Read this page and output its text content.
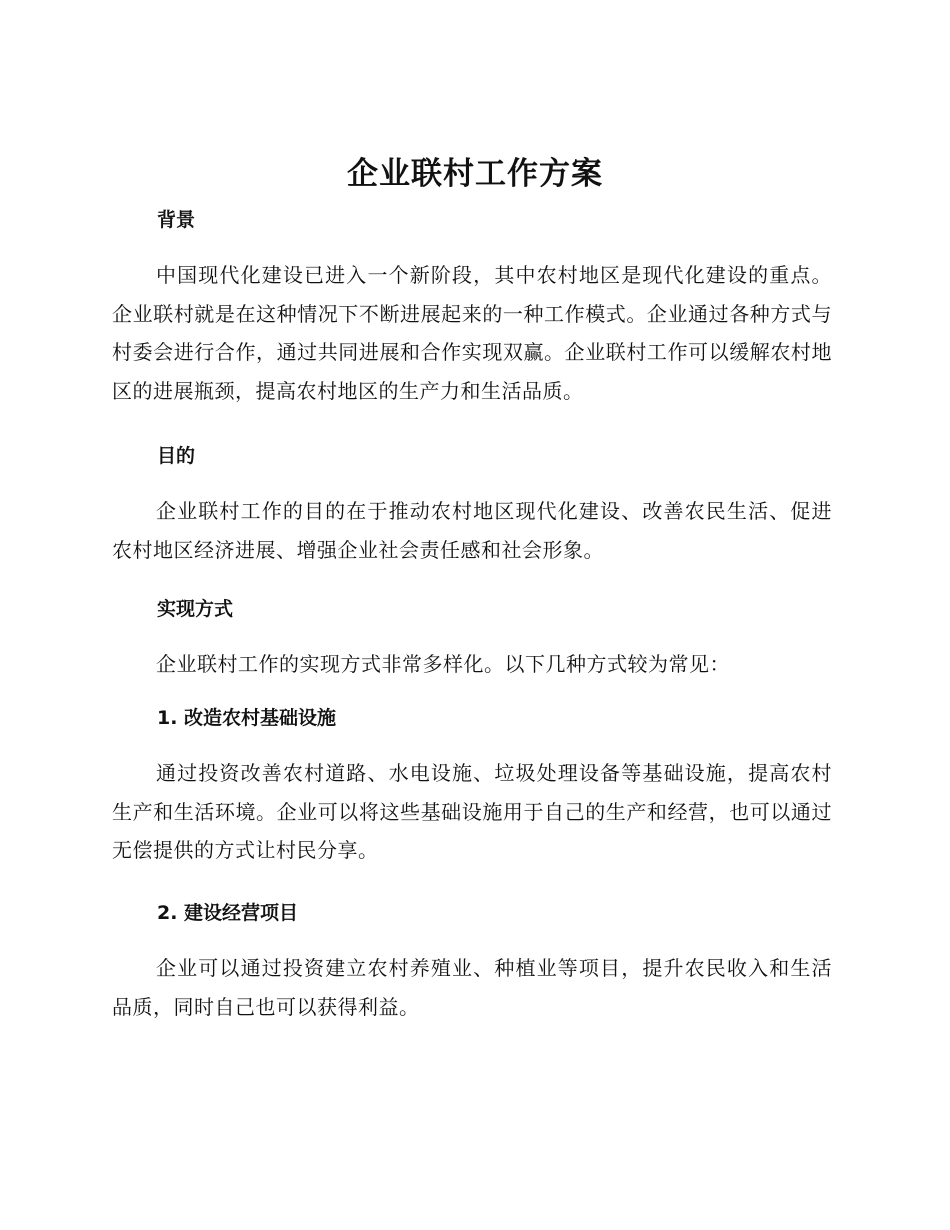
企业联村工作方案
背景

中国现代化建设已进入一个新阶段，其中农村地区是现代化建设的重点。企业联村就是在这种情况下不断进展起来的一种工作模式。企业通过各种方式与村委会进行合作，通过共同进展和合作实现双赢。企业联村工作可以缓解农村地区的进展瓶颈，提高农村地区的生产力和生活品质。

目的

企业联村工作的目的在于推动农村地区现代化建设、改善农民生活、促进农村地区经济进展、增强企业社会责任感和社会形象。

实现方式

企业联村工作的实现方式非常多样化。以下几种方式较为常见：

1. 改造农村基础设施

通过投资改善农村道路、水电设施、垃圾处理设备等基础设施，提高农村生产和生活环境。企业可以将这些基础设施用于自己的生产和经营，也可以通过无偿提供的方式让村民分享。

2. 建设经营项目

企业可以通过投资建立农村养殖业、种植业等项目，提升农民收入和生活品质，同时自己也可以获得利益。
